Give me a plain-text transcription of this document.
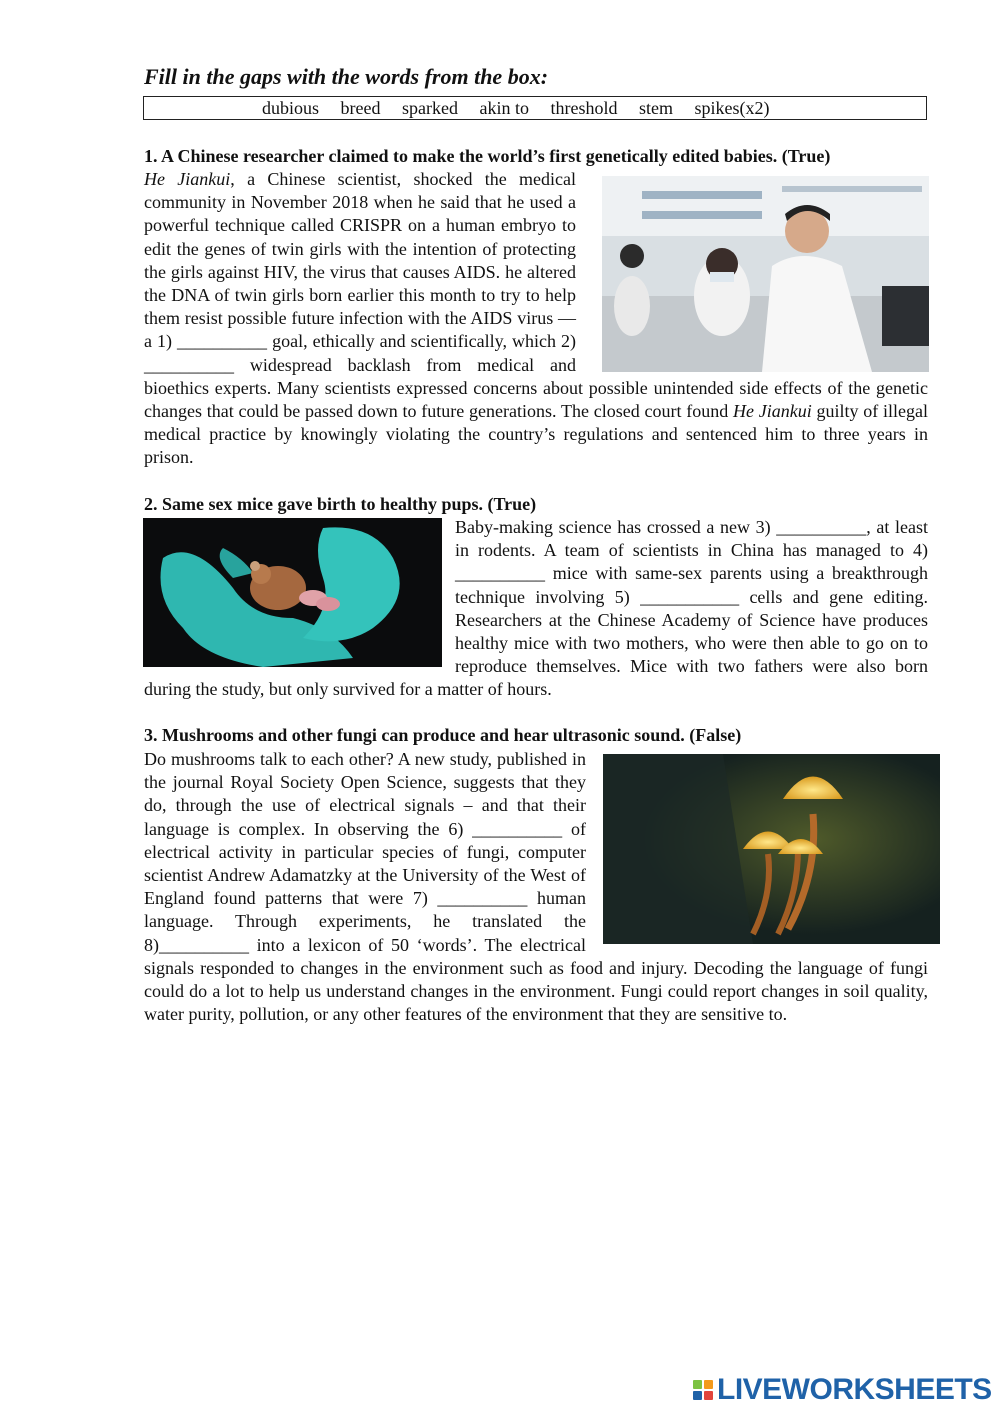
Fill in the gaps with the words from the box:
dubious breed sparked akin to threshold stem spikes(x2)
1. A Chinese researcher claimed to make the world’s first genetically edited babies. (True)

He Jiankui, a Chinese scientist, shocked the medical community in November 2018 when he said that he used a powerful technique called CRISPR on a human embryo to edit the genes of twin girls with the intention of protecting the girls against HIV, the virus that causes AIDS. he altered the DNA of twin girls born earlier this month to try to help them resist possible future infection with the AIDS virus — a 1) __________ goal, ethically and scientifically, which 2) __________ widespread backlash from medical and bioethics experts. Many scientists expressed concerns about possible unintended side effects of the genetic changes that could be passed down to future generations. The closed court found He Jiankui guilty of illegal medical practice by knowingly violating the country’s regulations and sentenced him to three years in prison.

2. Same sex mice gave birth to healthy pups. (True)

Baby-making science has crossed a new 3) __________, at least in rodents. A team of scientists in China has managed to 4) __________ mice with same-sex parents using a breakthrough technique involving 5) ___________ cells and gene editing. Researchers at the Chinese Academy of Science have produces healthy mice with two mothers, who were then able to go on to reproduce themselves. Mice with two fathers were also born during the study, but only survived for a matter of hours.

3. Mushrooms and other fungi can produce and hear ultrasonic sound. (False)

Do mushrooms talk to each other? A new study, published in the journal Royal Society Open Science, suggests that they do, through the use of electrical signals – and that their language is complex. In observing the 6) __________ of electrical activity in particular species of fungi, computer scientist Andrew Adamatzky at the University of the West of England found patterns that were 7) __________ human language. Through experiments, he translated the 8)__________ into a lexicon of 50 ‘words’. The electrical signals responded to changes in the environment such as food and injury. Decoding the language of fungi could do a lot to help us understand changes in the environment. Fungi could report changes in soil quality, water purity, pollution, or any other features of the environment that they are sensitive to.

LIVEWORKSHEETS
